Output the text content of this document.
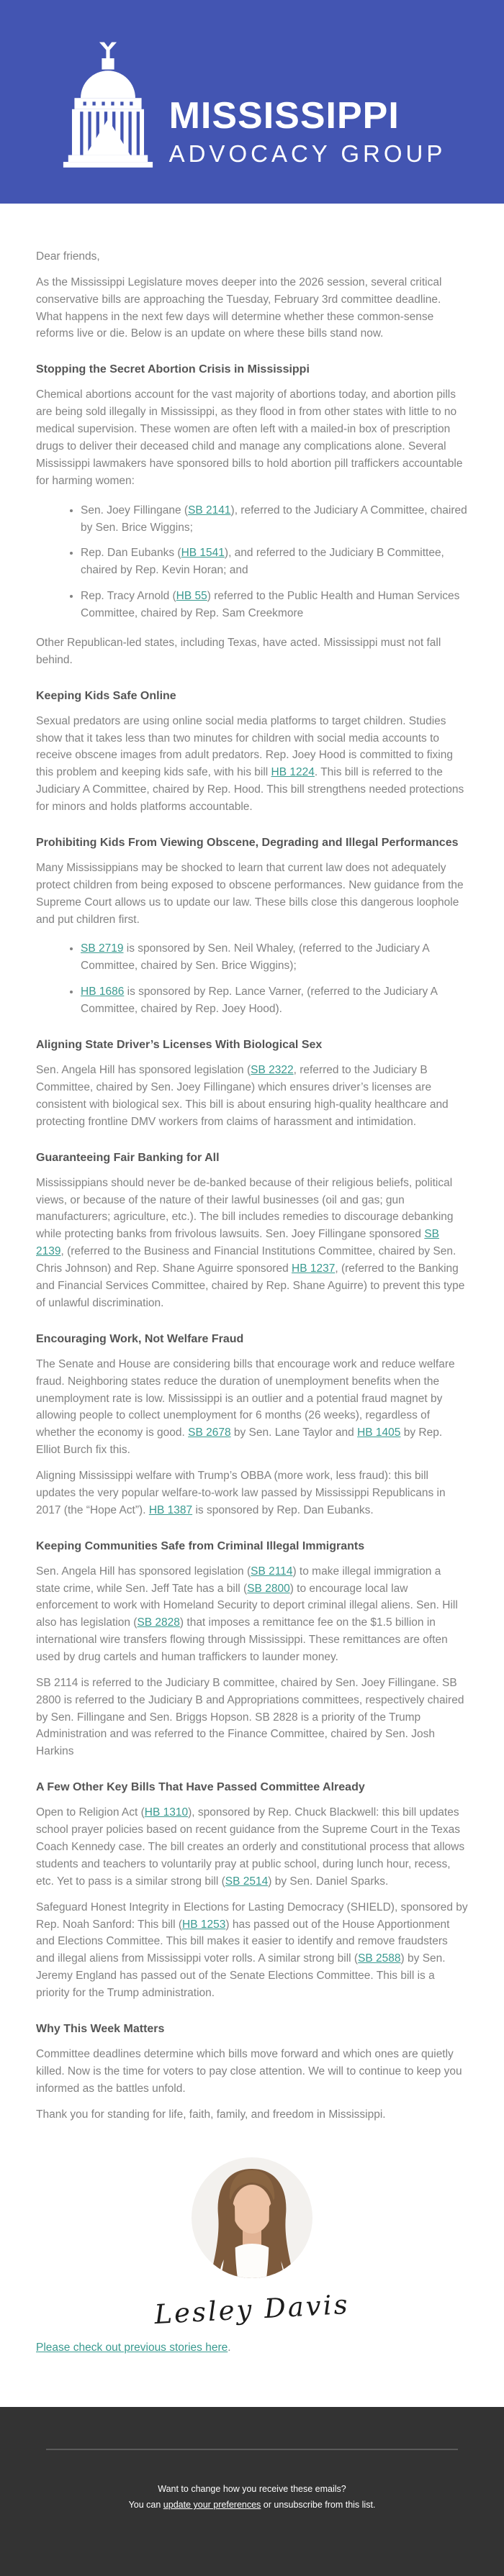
MISSISSIPPI
ADVOCACY GROUP

Dear friends,

As the Mississippi Legislature moves deeper into the 2026 session, several critical conservative bills are approaching the Tuesday, February 3rd committee deadline. What happens in the next few days will determine whether these common-sense reforms live or die. Below is an update on where these bills stand now.

Stopping the Secret Abortion Crisis in Mississippi

Chemical abortions account for the vast majority of abortions today, and abortion pills are being sold illegally in Mississippi, as they flood in from other states with little to no medical supervision. These women are often left with a mailed-in box of prescription drugs to deliver their deceased child and manage any complications alone. Several Mississippi lawmakers have sponsored bills to hold abortion pill traffickers accountable for harming women:

• Sen. Joey Fillingane (SB 2141), referred to the Judiciary A Committee, chaired by Sen. Brice Wiggins;
• Rep. Dan Eubanks (HB 1541), and referred to the Judiciary B Committee, chaired by Rep. Kevin Horan; and
• Rep. Tracy Arnold (HB 55) referred to the Public Health and Human Services Committee, chaired by Rep. Sam Creekmore

Other Republican-led states, including Texas, have acted. Mississippi must not fall behind.

Keeping Kids Safe Online

Sexual predators are using online social media platforms to target children. Studies show that it takes less than two minutes for children with social media accounts to receive obscene images from adult predators. Rep. Joey Hood is committed to fixing this problem and keeping kids safe, with his bill HB 1224. This bill is referred to the Judiciary A Committee, chaired by Rep. Hood. This bill strengthens needed protections for minors and holds platforms accountable.

Prohibiting Kids From Viewing Obscene, Degrading and Illegal Performances

Many Mississippians may be shocked to learn that current law does not adequately protect children from being exposed to obscene performances. New guidance from the Supreme Court allows us to update our law. These bills close this dangerous loophole and put children first.

• SB 2719 is sponsored by Sen. Neil Whaley, (referred to the Judiciary A Committee, chaired by Sen. Brice Wiggins);
• HB 1686 is sponsored by Rep. Lance Varner, (referred to the Judiciary A Committee, chaired by Rep. Joey Hood).
Aligning State Driver’s Licenses With Biological Sex

Sen. Angela Hill has sponsored legislation (SB 2322, referred to the Judiciary B Committee, chaired by Sen. Joey Fillingane) which ensures driver’s licenses are consistent with biological sex. This bill is about ensuring high-quality healthcare and protecting frontline DMV workers from claims of harassment and intimidation.

Guaranteeing Fair Banking for All

Mississippians should never be de-banked because of their religious beliefs, political views, or because of the nature of their lawful businesses (oil and gas; gun manufacturers; agriculture, etc.). The bill includes remedies to discourage debanking while protecting banks from frivolous lawsuits. Sen. Joey Fillingane sponsored SB 2139, (referred to the Business and Financial Institutions Committee, chaired by Sen. Chris Johnson) and Rep. Shane Aguirre sponsored HB 1237, (referred to the Banking and Financial Services Committee, chaired by Rep. Shane Aguirre) to prevent this type of unlawful discrimination.

Encouraging Work, Not Welfare Fraud

The Senate and House are considering bills that encourage work and reduce welfare fraud. Neighboring states reduce the duration of unemployment benefits when the unemployment rate is low. Mississippi is an outlier and a potential fraud magnet by allowing people to collect unemployment for 6 months (26 weeks), regardless of whether the economy is good. SB 2678 by Sen. Lane Taylor and HB 1405 by Rep. Elliot Burch fix this.

Aligning Mississippi welfare with Trump’s OBBA (more work, less fraud): this bill updates the very popular welfare-to-work law passed by Mississippi Republicans in 2017 (the “Hope Act”). HB 1387 is sponsored by Rep. Dan Eubanks.

Keeping Communities Safe from Criminal Illegal Immigrants

Sen. Angela Hill has sponsored legislation (SB 2114) to make illegal immigration a state crime, while Sen. Jeff Tate has a bill (SB 2800) to encourage local law enforcement to work with Homeland Security to deport criminal illegal aliens. Sen. Hill also has legislation (SB 2828) that imposes a remittance fee on the $1.5 billion in international wire transfers flowing through Mississippi. These remittances are often used by drug cartels and human traffickers to launder money.

SB 2114 is referred to the Judiciary B committee, chaired by Sen. Joey Fillingane. SB 2800 is referred to the Judiciary B and Appropriations committees, respectively chaired by Sen. Fillingane and Sen. Briggs Hopson. SB 2828 is a priority of the Trump Administration and was referred to the Finance Committee, chaired by Sen. Josh Harkins

A Few Other Key Bills That Have Passed Committee Already

Open to Religion Act (HB 1310), sponsored by Rep. Chuck Blackwell: this bill updates school prayer policies based on recent guidance from the Supreme Court in the Texas Coach Kennedy case. The bill creates an orderly and constitutional process that allows students and teachers to voluntarily pray at public school, during lunch hour, recess, etc. Yet to pass is a similar strong bill (SB 2514) by Sen. Daniel Sparks.

Safeguard Honest Integrity in Elections for Lasting Democracy (SHIELD), sponsored by Rep. Noah Sanford: This bill (HB 1253) has passed out of the House Apportionment and Elections Committee. This bill makes it easier to identify and remove fraudsters and illegal aliens from Mississippi voter rolls. A similar strong bill (SB 2588) by Sen. Jeremy England has passed out of the Senate Elections Committee. This bill is a priority for the Trump administration.

Why This Week Matters

Committee deadlines determine which bills move forward and which ones are quietly killed. Now is the time for voters to pay close attention. We will to continue to keep you informed as the battles unfold.

Thank you for standing for life, faith, family, and freedom in Mississippi.

Lesley Davis

Please check out previous stories here.

Want to change how you receive these emails?

You can update your preferences or unsubscribe from this list.
